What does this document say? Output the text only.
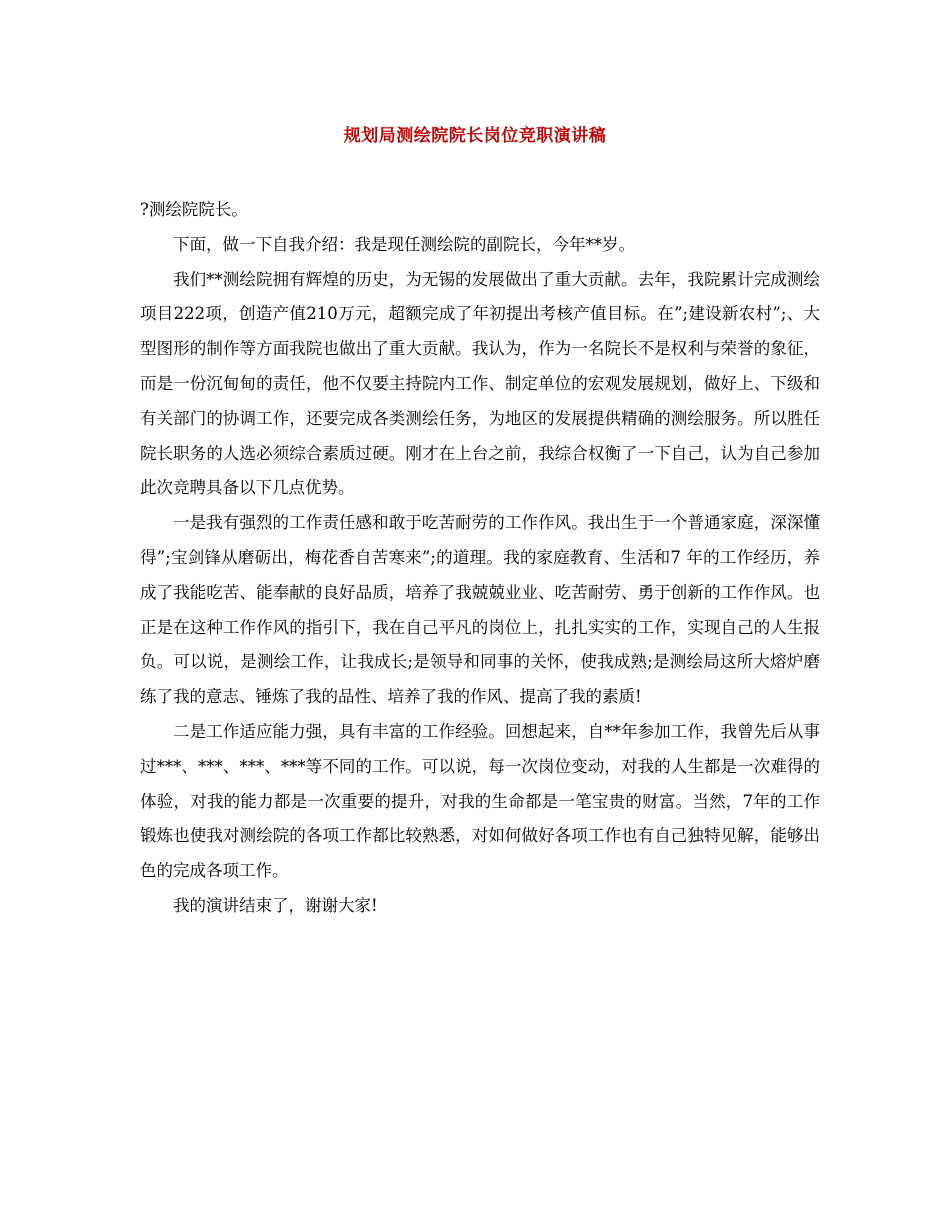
规划局测绘院院长岗位竞职演讲稿

?测绘院院长。

下面，做一下自我介绍：我是现任测绘院的副院长，今年**岁。

我们**测绘院拥有辉煌的历史，为无锡的发展做出了重大贡献。去年，我院累计完成测绘项目222项，创造产值210万元，超额完成了年初提出考核产值目标。在”;建设新农村”;、大型图形的制作等方面我院也做出了重大贡献。我认为，作为一名院长不是权利与荣誉的象征，而是一份沉甸甸的责任，他不仅要主持院内工作、制定单位的宏观发展规划，做好上、下级和有关部门的协调工作，还要完成各类测绘任务，为地区的发展提供精确的测绘服务。所以胜任院长职务的人选必须综合素质过硬。刚才在上台之前，我综合权衡了一下自己，认为自己参加此次竞聘具备以下几点优势。

一是我有强烈的工作责任感和敢于吃苦耐劳的工作作风。我出生于一个普通家庭，深深懂得”;宝剑锋从磨砺出，梅花香自苦寒来”;的道理。我的家庭教育、生活和7 年的工作经历，养成了我能吃苦、能奉献的良好品质，培养了我兢兢业业、吃苦耐劳、勇于创新的工作作风。也正是在这种工作作风的指引下，我在自己平凡的岗位上，扎扎实实的工作，实现自己的人生报负。可以说，是测绘工作，让我成长;是领导和同事的关怀，使我成熟;是测绘局这所大熔炉磨练了我的意志、锤炼了我的品性、培养了我的作风、提高了我的素质!

二是工作适应能力强，具有丰富的工作经验。回想起来，自**年参加工作，我曾先后从事过***、***、***、***等不同的工作。可以说，每一次岗位变动，对我的人生都是一次难得的体验，对我的能力都是一次重要的提升，对我的生命都是一笔宝贵的财富。当然，7年的工作锻炼也使我对测绘院的各项工作都比较熟悉，对如何做好各项工作也有自己独特见解，能够出色的完成各项工作。

我的演讲结束了，谢谢大家!
